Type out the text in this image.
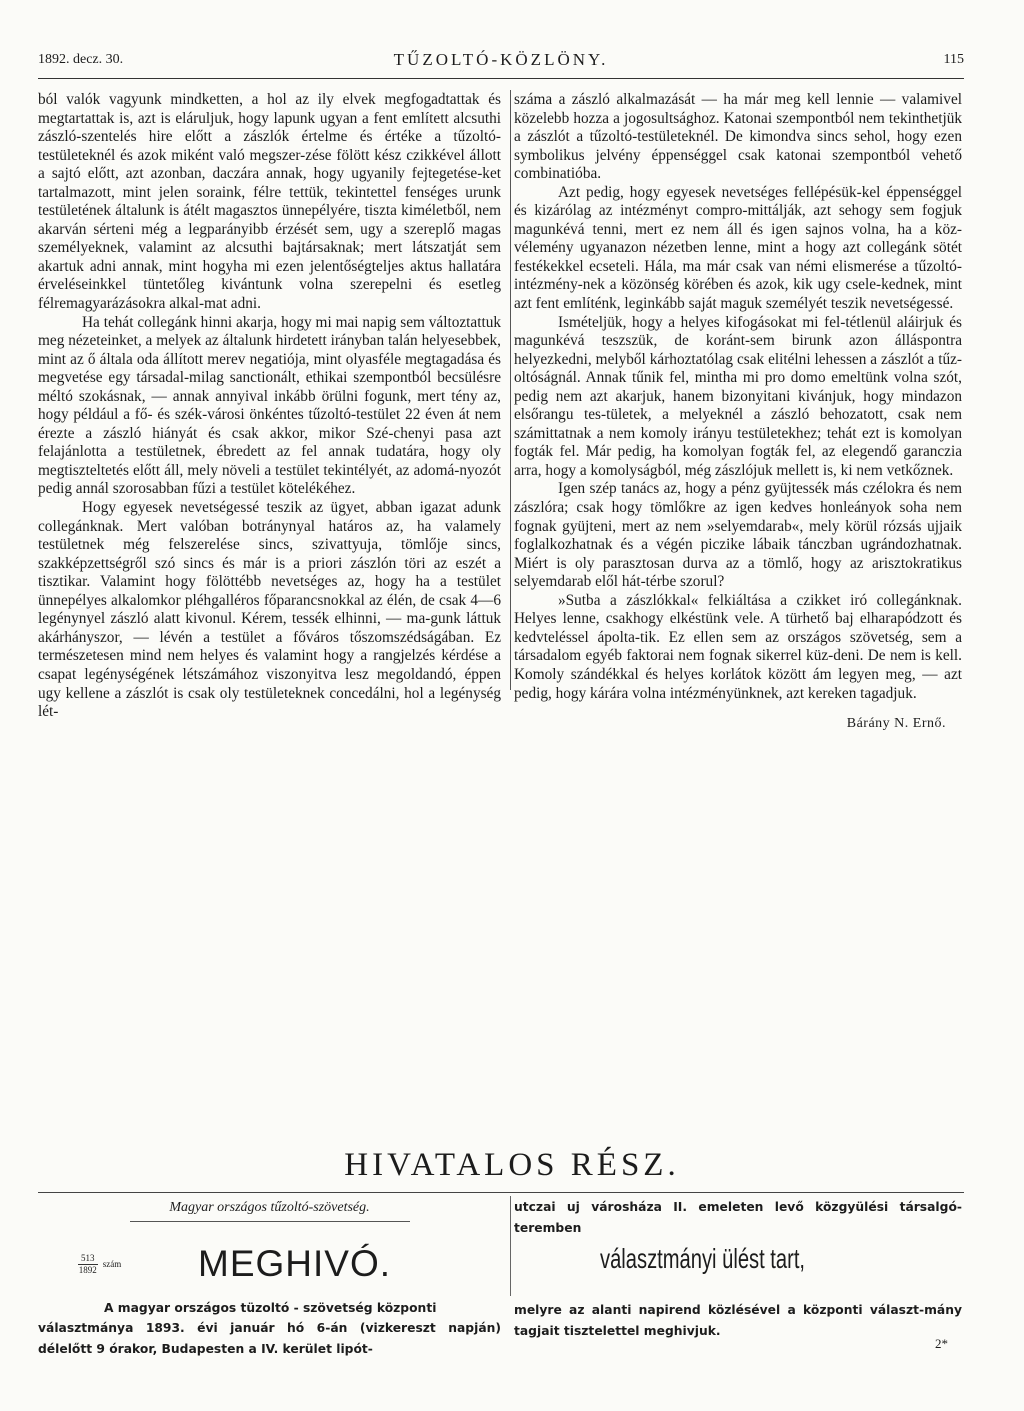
1892. decz. 30.	TŰZOLTÓ-KÖZLÖNY.	115

ból valók vagyunk mindketten, a hol az ily elvek megfogadtattak és megtartattak is, azt is eláruljuk, hogy lapunk ugyan a fent említett alcsuthi zászló-szentelés hire előtt a zászlók értelme és értéke a tűzoltó-testületeknél és azok miként való megszer-zése fölött kész czikkével állott a sajtó előtt, azt azonban, daczára annak, hogy ugyanily fejtegetése-ket tartalmazott, mint jelen soraink, félre tettük, tekintettel fenséges urunk testületének általunk is átélt magasztos ünnepélyére, tiszta kiméletből, nem akarván sérteni még a legparányibb érzését sem, ugy a szereplő magas személyeknek, valamint az alcsuthi bajtársaknak; mert látszatját sem akartuk adni annak, mint hogyha mi ezen jelentőségteljes aktus hallatára érveléseinkkel tüntetőleg kivántunk volna szerepelni és esetleg félremagyarázásokra alkal-mat adni.

Ha tehát collegánk hinni akarja, hogy mi mai napig sem változtattuk meg nézeteinket, a melyek az általunk hirdetett irányban talán helyesebbek, mint az ő általa oda állított merev negatiója, mint olyasféle megtagadása és megvetése egy társadal-milag sanctionált, ethikai szempontból becsülésre méltó szokásnak, — annak annyival inkább örülni fogunk, mert tény az, hogy például a fő- és szék-városi önkéntes tűzoltó-testület 22 éven át nem érezte a zászló hiányát és csak akkor, mikor Szé-chenyi pasa azt felajánlotta a testületnek, ébredett az fel annak tudatára, hogy oly megtiszteltetés előtt áll, mely növeli a testület tekintélyét, az adomá-nyozót pedig annál szorosabban fűzi a testület kötelékéhez.

Hogy egyesek nevetségessé teszik az ügyet, abban igazat adunk collegánknak. Mert valóban botránynyal határos az, ha valamely testületnek még felszerelése sincs, szivattyuja, tömlője sincs, szakképzettségről szó sincs és már is a priori zászlón töri az eszét a tisztikar. Valamint hogy fölöttébb nevetséges az, hogy ha a testület ünnepélyes alkalomkor pléhgalléros főparancsnokkal az élén, de csak 4—6 legénynyel zászló alatt kivonul. Kérem, tessék elhinni, — ma-gunk láttuk akárhányszor, — lévén a testület a főváros tőszomszédságában. Ez természetesen mind nem helyes és valamint hogy a rangjelzés kérdése a csapat legénységének létszámához viszonyitva lesz megoldandó, éppen ugy kellene a zászlót is csak oly testületeknek concedálni, hol a legénység lét-

száma a zászló alkalmazását — ha már meg kell lennie — valamivel közelebb hozza a jogosultsághoz. Katonai szempontból nem tekinthetjük a zászlót a tűzoltó-testületeknél. De kimondva sincs sehol, hogy ezen symbolikus jelvény éppenséggel csak katonai szempontból vehető combinatióba.

Azt pedig, hogy egyesek nevetséges fellépésük-kel éppenséggel és kizárólag az intézményt compro-mittálják, azt sehogy sem fogjuk magunkévá tenni, mert ez nem áll és igen sajnos volna, ha a köz-vélemény ugyanazon nézetben lenne, mint a hogy azt collegánk sötét festékekkel ecseteli. Hála, ma már csak van némi elismerése a tűzoltó-intézmény-nek a közönség körében és azok, kik ugy csele-kednek, mint azt fent említénk, leginkább saját maguk személyét teszik nevetségessé.

Ismételjük, hogy a helyes kifogásokat mi fel-tétlenül aláirjuk és magunkévá teszszük, de koránt-sem birunk azon álláspontra helyezkedni, melyből kárhoztatólag csak elitélni lehessen a zászlót a tűz-oltóságnál. Annak tűnik fel, mintha mi pro domo emeltünk volna szót, pedig nem azt akarjuk, hanem bizonyitani kivánjuk, hogy mindazon elsőrangu tes-tületek, a melyeknél a zászló behozatott, csak nem számittatnak a nem komoly irányu testületekhez; tehát ezt is komolyan fogták fel. Már pedig, ha komolyan fogták fel, az elegendő garancziа arra, hogy a komolyságból, még zászlójuk mellett is, ki nem vetkőznek.

Igen szép tanács az, hogy a pénz gyüjtessék más czélokra és nem zászlóra; csak hogy tömlőkre az igen kedves honleányok soha nem fognak gyüjteni, mert az nem »selyemdarab«, mely körül rózsás ujjaik foglalkozhatnak és a végén piczike lábaik tánczban ugrándozhatnak. Miért is oly parasztosan durva az a tömlő, hogy az arisztokratikus selyemdarab elől hát-térbe szorul?

»Sutba a zászlókkal« felkiáltása a czikket iró collegánknak. Helyes lenne, csakhogy elkéstünk vele. A türhető baj elharapódzott és kedvteléssel ápolta-tik. Ez ellen sem az országos szövetség, sem a társadalom egyéb faktorai nem fognak sikerrel küz-deni. De nem is kell. Komoly szándékkal és helyes korlátok között ám legyen meg, — azt pedig, hogy kárára volna intézményünknek, azt kereken tagadjuk.

Bárány N. Ernő.
HIVATALOS RÉSZ.
Magyar országos tűzoltó-szövetség.
$\frac{513}{1892}$ szám MEGHIVÓ.
A magyar országos tüzoltó - szövetség központi
választmánya 1893. évi január hó 6-án (vizkereszt napján) délelőtt 9 órakor, Budapesten a IV. kerület lipót-
utczai uj városháza II. emeleten levő közgyülési társalgó-teremben
választmányi ülést tart,
melyre az alanti napirend közlésével a központi választ-mány tagjait tisztelettel meghivjuk.
2*
